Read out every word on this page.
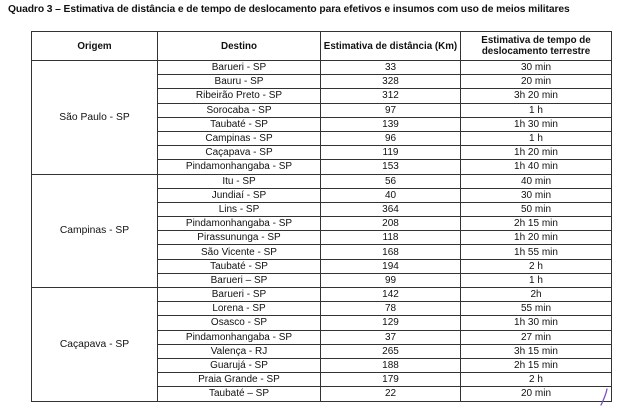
Quadro 3 – Estimativa de distância e de tempo de deslocamento para efetivos e insumos com uso de meios militares
Origem	Destino	Estimativa de distância (Km)	Estimativa de tempo de deslocamento terrestre
São Paulo - SP	Barueri - SP	33	30 min
	Bauru - SP	328	20 min
	Ribeirão Preto - SP	312	3h 20 min
	Sorocaba - SP	97	1 h
	Taubaté - SP	139	1h 30 min
	Campinas - SP	96	1 h
	Caçapava - SP	119	1h 20 min
	Pindamonhangaba - SP	153	1h 40 min
Campinas - SP	Itu - SP	56	40 min
	Jundiaí - SP	40	30 min
	Lins - SP	364	50 min
	Pindamonhangaba - SP	208	2h 15 min
	Pirassununga - SP	118	1h 20 min
	São Vicente - SP	168	1h 55 min
	Taubaté - SP	194	2 h
	Barueri – SP	99	1 h
Caçapava - SP	Barueri - SP	142	2h
	Lorena - SP	78	55 min
	Osasco - SP	129	1h 30 min
	Pindamonhangaba - SP	37	27 min
	Valença - RJ	265	3h 15 min
	Guarujá - SP	188	2h 15 min
	Praia Grande - SP	179	2 h
	Taubaté – SP	22	20 min
